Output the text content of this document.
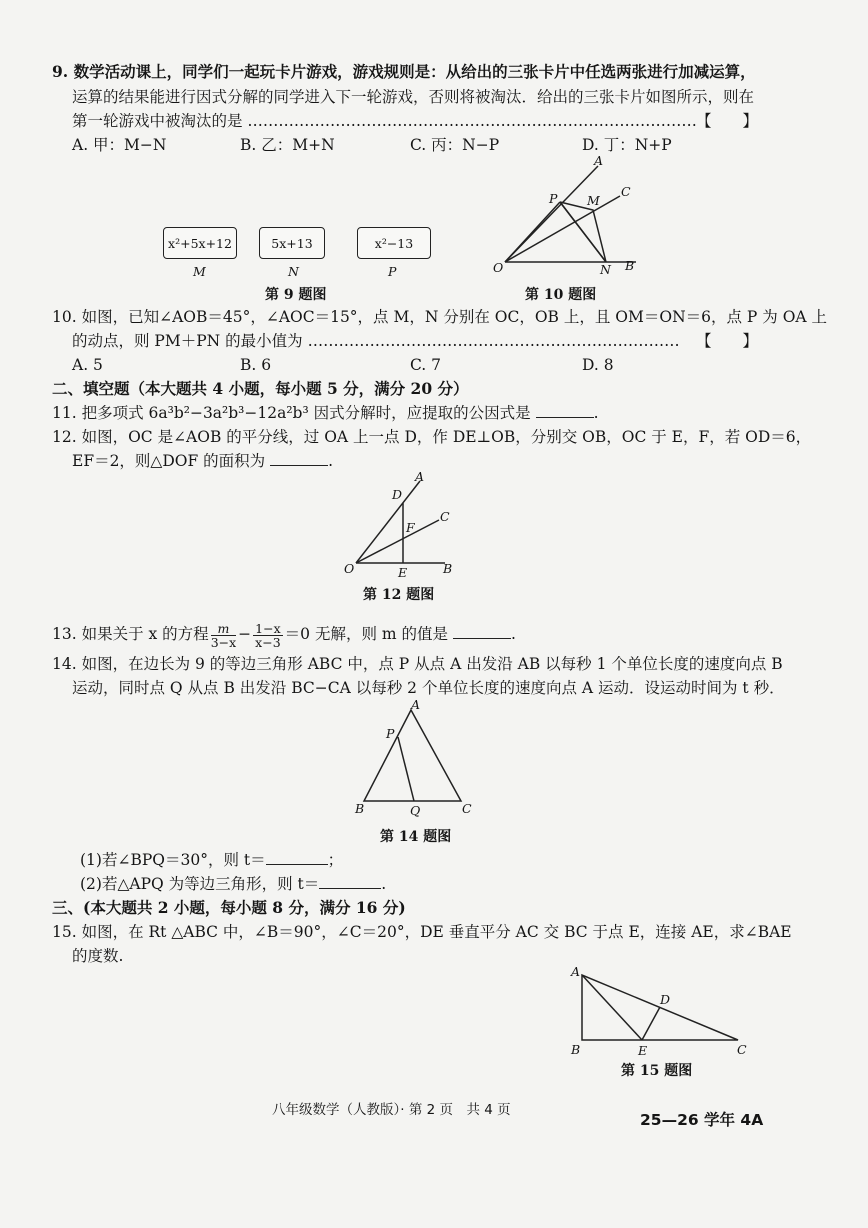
9. 数学活动课上，同学们一起玩卡片游戏，游戏规则是：从给出的三张卡片中任选两张进行加减运算，
运算的结果能进行因式分解的同学进入下一轮游戏，否则将被淘汰．给出的三张卡片如图所示，则在
第一轮游戏中被淘汰的是 …………………………………………………………………………… 【　　】
A. 甲：M−N	B. 乙：M+N	C. 丙：N−P	D. 丁：N+P
x²+5x+12	5x+13	x²−13
M	N	P
第 9 题图
A
C
P M
O	N B
第 10 题图
10. 如图，已知∠AOB＝45°，∠AOC＝15°，点 M，N 分别在 OC，OB 上，且 OM＝ON＝6，点 P 为 OA 上
的动点，则 PM＋PN 的最小值为 ……………………………………………………………… 【　　】
A. 5	B. 6	C. 7	D. 8
二、填空题（本大题共 4 小题，每小题 5 分，满分 20 分）
11. 把多项式 6a³b²−3a²b³−12a²b³ 因式分解时，应提取的公因式是	.
12. 如图，OC 是∠AOB 的平分线，过 OA 上一点 D，作 DE⊥OB，分别交 OB，OC 于 E，F，若 OD＝6，
EF＝2，则△DOF 的面积为	.
A
D
F
C
O	E	B
第 12 题图
13. 如果关于 x 的方程 $\frac{m}{3-x} - \frac{1-x}{x-3} =0$ 无解，则 m 的值是	.
14. 如图，在边长为 9 的等边三角形 ABC 中，点 P 从点 A 出发沿 AB 以每秒 1 个单位长度的速度向点 B
运动，同时点 Q 从点 B 出发沿 BC−CA 以每秒 2 个单位长度的速度向点 A 运动．设运动时间为 t 秒．
A
P
B	Q	C
第 14 题图
(1)若∠BPQ＝30°，则 t＝	；
(2)若△APQ 为等边三角形，则 t＝	.
三、(本大题共 2 小题，每小题 8 分，满分 16 分)
15. 如图，在 Rt △ABC 中，∠B＝90°，∠C＝20°，DE 垂直平分 AC 交 BC 于点 E，连接 AE，求∠BAE
的度数.
A
D
B	E	C
第 15 题图
八年级数学（人教版）· 第 2 页　共 4 页
25—26 学年 4A
